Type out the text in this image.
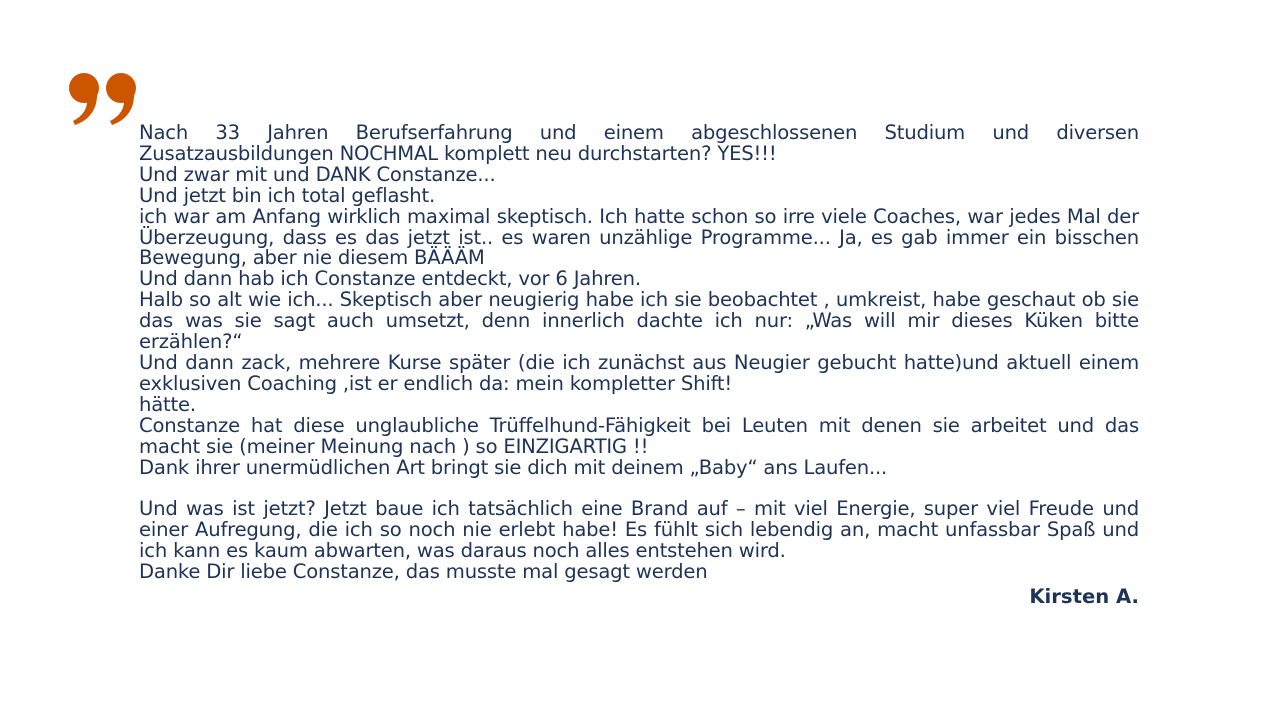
Nach 33 Jahren Berufserfahrung und einem abgeschlossenen Studium und diversen Zusatzausbildungen NOCHMAL komplett neu durchstarten? YES!!!

Und zwar mit und DANK Constanze...

Und jetzt bin ich total geflasht.

ich war am Anfang wirklich maximal skeptisch. Ich hatte schon so irre viele Coaches, war jedes Mal der Überzeugung, dass es das jetzt ist.. es waren unzählige Programme... Ja, es gab immer ein bisschen Bewegung, aber nie diesem BÄÄÄM

Und dann hab ich Constanze entdeckt, vor 6 Jahren.

Halb so alt wie ich... Skeptisch aber neugierig habe ich sie beobachtet , umkreist, habe geschaut ob sie das was sie sagt auch umsetzt, denn innerlich dachte ich nur: „Was will mir dieses Küken bitte erzählen?“

Und dann zack, mehrere Kurse später (die ich zunächst aus Neugier gebucht hatte)und aktuell einem exklusiven Coaching ,ist er endlich da: mein kompletter Shift!

hätte.

Constanze hat diese unglaubliche Trüffelhund-Fähigkeit bei Leuten mit denen sie arbeitet und das macht sie (meiner Meinung nach ) so EINZIGARTIG !!

Dank ihrer unermüdlichen Art bringt sie dich mit deinem „Baby“ ans Laufen...

Und was ist jetzt? Jetzt baue ich tatsächlich eine Brand auf – mit viel Energie, super viel Freude und einer Aufregung, die ich so noch nie erlebt habe! Es fühlt sich lebendig an, macht unfassbar Spaß und ich kann es kaum abwarten, was daraus noch alles entstehen wird.

Danke Dir liebe Constanze, das musste mal gesagt werden

Kirsten A.
